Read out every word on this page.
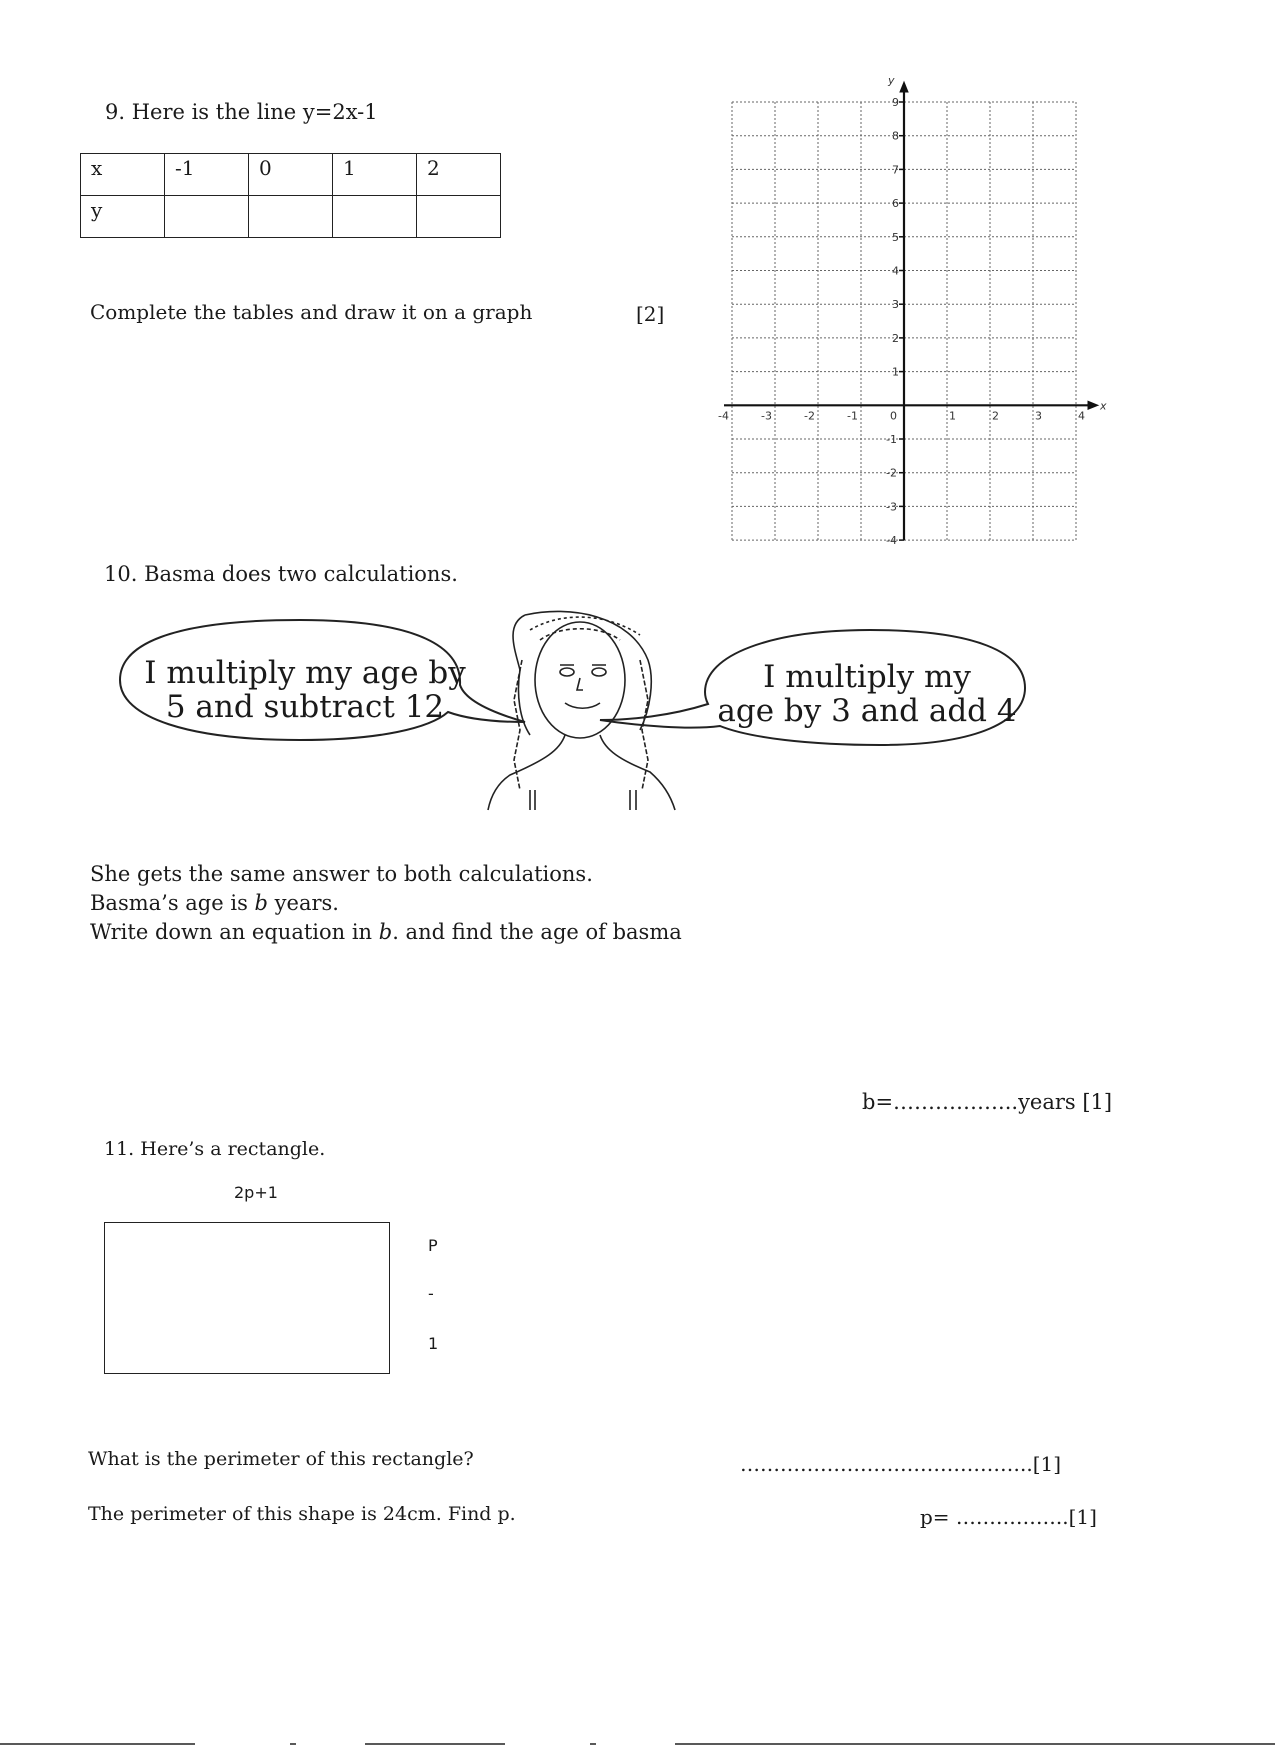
9. Here is the line y=2x-1
x	-1	0	1	2
y				
Complete the tables and draw it on a graph	[2]
-4	-3	-2	-1	1	2	3	4
9
8
7
6
5
4
3
2
1
-1
-2
-3
-4
0
x
y
10. Basma does two calculations.
I multiply my age by
5 and subtract 12
I multiply my
age by 3 and add 4
She gets the same answer to both calculations.
Basma’s age is b years.
Write down an equation in b. and find the age of basma
b=……………...years [1]
11. Here’s a rectangle.
2p+1
P
-
1
What is the perimeter of this rectangle?	……………………………………..[1]
The perimeter of this shape is 24cm. Find p.	p= ……………..[1]
